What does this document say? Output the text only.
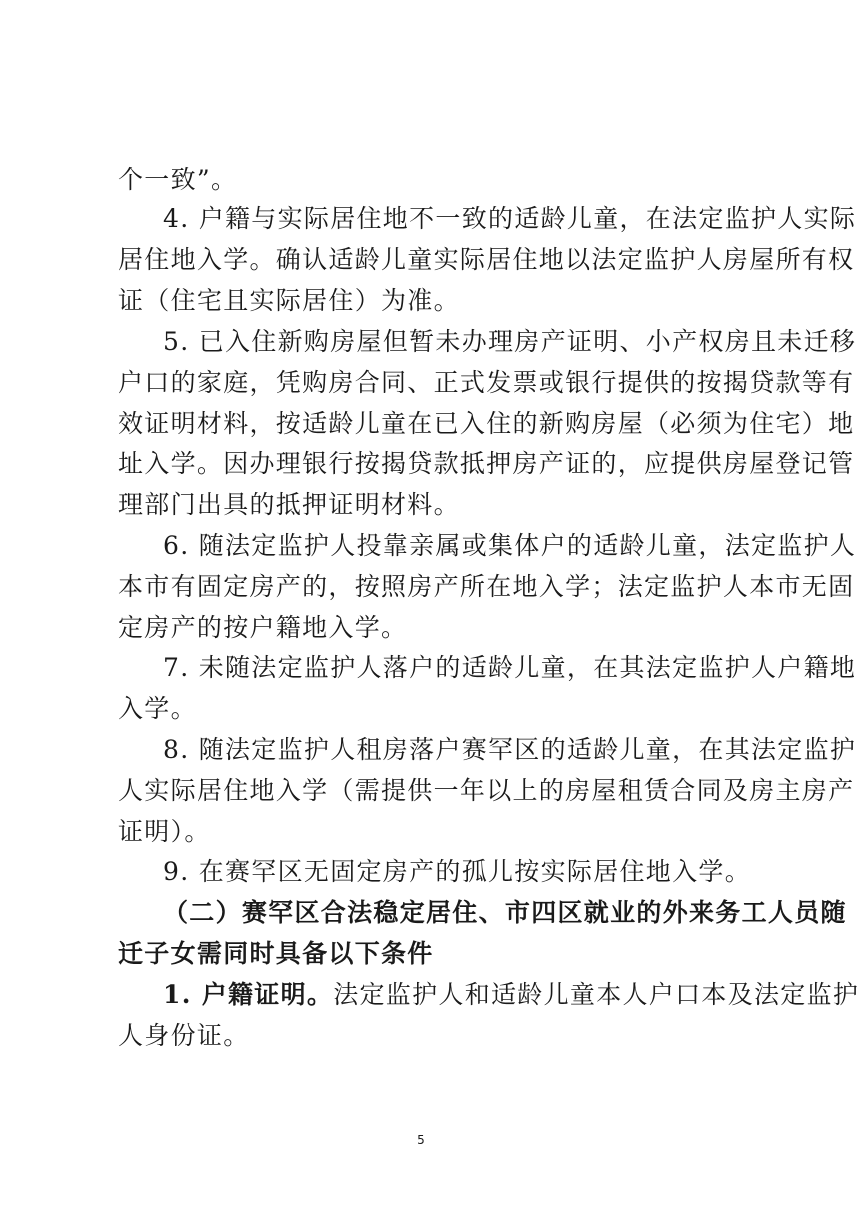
个一致”。
4. 户籍与实际居住地不一致的适龄儿童，在法定监护人实际
居住地入学。确认适龄儿童实际居住地以法定监护人房屋所有权
证（住宅且实际居住）为准。
5. 已入住新购房屋但暂未办理房产证明、小产权房且未迁移
户口的家庭，凭购房合同、正式发票或银行提供的按揭贷款等有
效证明材料，按适龄儿童在已入住的新购房屋（必须为住宅）地
址入学。因办理银行按揭贷款抵押房产证的，应提供房屋登记管
理部门出具的抵押证明材料。
6. 随法定监护人投靠亲属或集体户的适龄儿童，法定监护人
本市有固定房产的，按照房产所在地入学；法定监护人本市无固
定房产的按户籍地入学。
7. 未随法定监护人落户的适龄儿童，在其法定监护人户籍地
入学。
8. 随法定监护人租房落户赛罕区的适龄儿童，在其法定监护
人实际居住地入学（需提供一年以上的房屋租赁合同及房主房产
证明）。
9. 在赛罕区无固定房产的孤儿按实际居住地入学。
（二）赛罕区合法稳定居住、市四区就业的外来务工人员随
迁子女需同时具备以下条件
1. 户籍证明。法定监护人和适龄儿童本人户口本及法定监护
人身份证。
5
